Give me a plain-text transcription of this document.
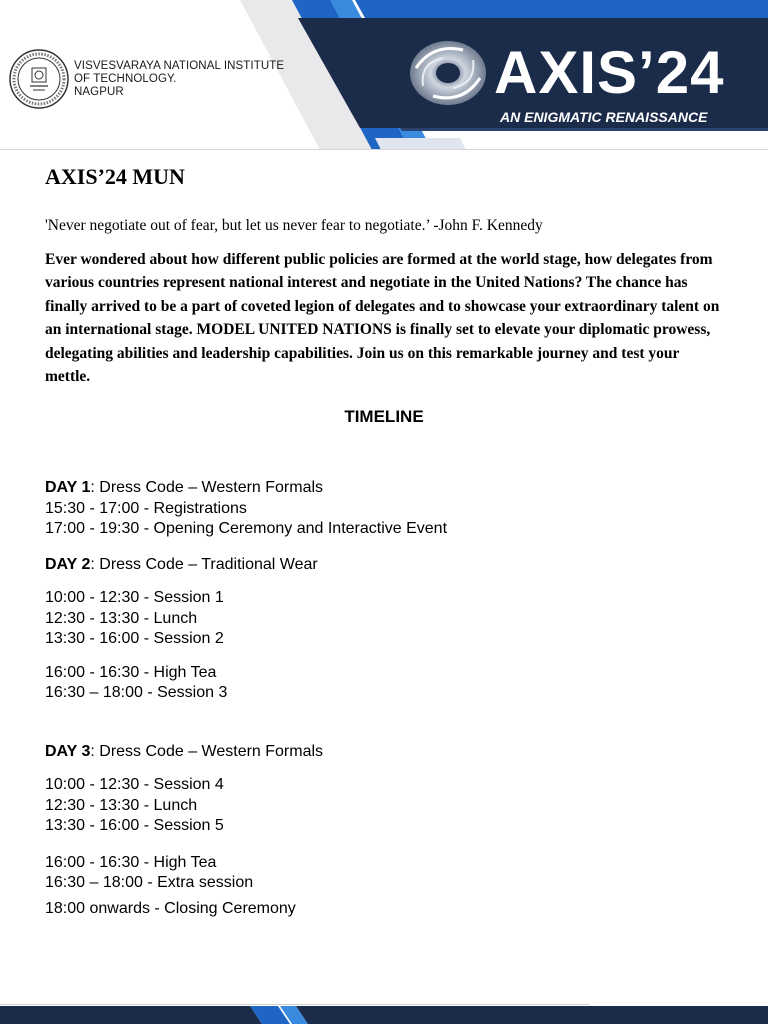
VISVESVARAYA NATIONAL INSTITUTE
OF TECHNOLOGY.
NAGPUR	AXIS’24
AN ENIGMATIC RENAISSANCE
AXIS’24 MUN

'Never negotiate out of fear, but let us never fear to negotiate.’ -John F. Kennedy

Ever wondered about how different public policies are formed at the world stage, how delegates from various countries represent national interest and negotiate in the United Nations? The chance has finally arrived to be a part of coveted legion of delegates and to showcase your extraordinary talent on an international stage. MODEL UNITED NATIONS is finally set to elevate your diplomatic prowess, delegating abilities and leadership capabilities. Join us on this remarkable journey and test your mettle.

TIMELINE
DAY 1: Dress Code – Western Formals
15:30 - 17:00 - Registrations
17:00 - 19:30 - Opening Ceremony and Interactive Event
DAY 2: Dress Code – Traditional Wear
10:00 - 12:30 - Session 1
12:30 - 13:30 - Lunch
13:30 - 16:00 - Session 2
16:00 - 16:30 - High Tea
16:30 – 18:00 - Session 3
DAY 3: Dress Code – Western Formals
10:00 - 12:30 - Session 4
12:30 - 13:30 - Lunch
13:30 - 16:00 - Session 5
16:00 - 16:30 - High Tea
16:30 – 18:00 - Extra session
18:00 onwards - Closing Ceremony
